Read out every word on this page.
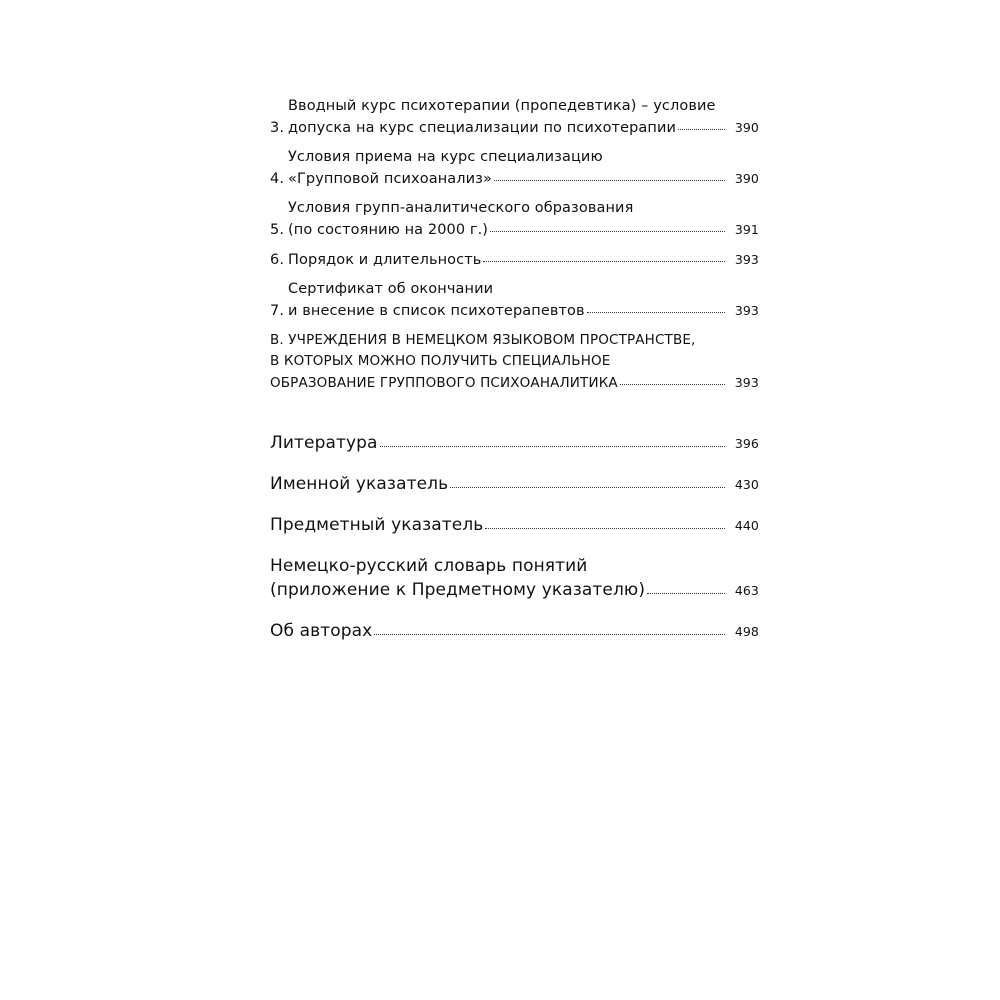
3.
Вводный курс психотерапии (пропедевтика) – условие
допуска на курс специализации по психотерапии	390
4.
Условия приема на курс специализацию
«Групповой психоанализ»	390
5.
Условия групп-аналитического образования
(по состоянию на 2000 г.)	391
6. Порядок и длительность	393
7.
Сертификат об окончании
и внесение в список психотерапевтов	393
B. УЧРЕЖДЕНИЯ В НЕМЕЦКОМ ЯЗЫКОВОМ ПРОСТРАНСТВЕ,
В КОТОРЫХ МОЖНО ПОЛУЧИТЬ СПЕЦИАЛЬНОЕ
ОБРАЗОВАНИЕ ГРУППОВОГО ПСИХОАНАЛИТИКА	393
Литература	396
Именной указатель	430
Предметный указатель	440
Немецко-русский словарь понятий
(приложение к Предметному указателю)	463
Об авторах	498
